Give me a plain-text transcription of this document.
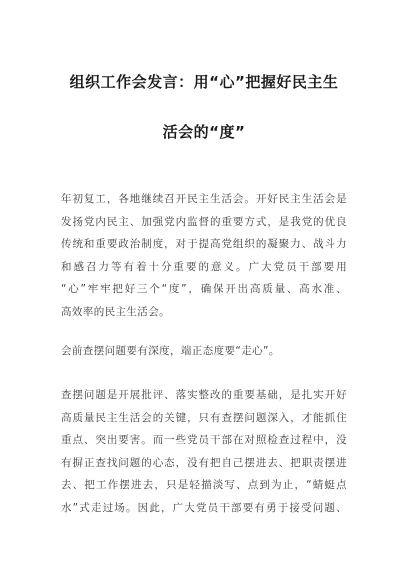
组织工作会发言：用“心”把握好民主生
活会的“度”
年初复工，各地继续召开民主生活会。开好民主生活会是
发扬党内民主、加强党内监督的重要方式，是我党的优良
传统和重要政治制度，对于提高党组织的凝聚力、战斗力
和感召力等有着十分重要的意义。广大党员干部要用
“心”牢牢把好三个“度”，确保开出高质量、高水准、
高效率的民主生活会。
会前查摆问题要有深度，端正态度要“走心”。
查摆问题是开展批评、落实整改的重要基础，是扎实开好
高质量民主生活会的关键，只有查摆问题深入，才能抓住
重点、突出要害。而一些党员干部在对照检查过程中，没
有摒正查找问题的心态，没有把自己摆进去、把职责摆进
去、把工作摆进去，只是轻描淡写、点到为止，“蜻蜓点
水”式走过场。因此，广大党员干部要有勇于接受问题、
